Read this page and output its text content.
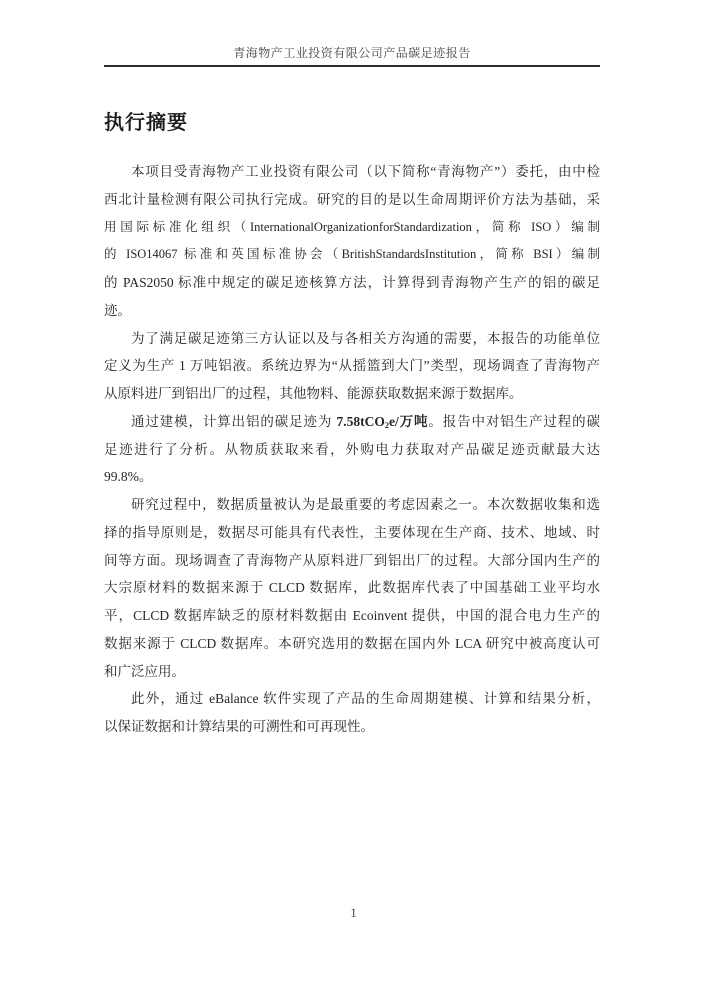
青海物产工业投资有限公司产品碳足迹报告
执行摘要
本项目受青海物产工业投资有限公司（以下简称“青海物产”）委托，由中检
西北计量检测有限公司执行完成。研究的目的是以生命周期评价方法为基础，采
用国际标准化组织（InternationalOrganizationforStandardization，简称 ISO）编制
的 ISO14067 标准和英国标准协会（BritishStandardsInstitution，简称 BSI）编制
的 PAS2050 标准中规定的碳足迹核算方法，计算得到青海物产生产的铝的碳足
迹。
为了满足碳足迹第三方认证以及与各相关方沟通的需要，本报告的功能单位
定义为生产 1 万吨铝液。系统边界为“从摇篮到大门”类型，现场调查了青海物产
从原料进厂到铝出厂的过程，其他物料、能源获取数据来源于数据库。
通过建模，计算出铝的碳足迹为 7.58tCO$_2$e/万吨。报告中对铝生产过程的碳
足迹进行了分析。从物质获取来看，外购电力获取对产品碳足迹贡献最大达
99.8%。
研究过程中，数据质量被认为是最重要的考虑因素之一。本次数据收集和选
择的指导原则是，数据尽可能具有代表性，主要体现在生产商、技术、地域、时
间等方面。现场调查了青海物产从原料进厂到铝出厂的过程。大部分国内生产的
大宗原材料的数据来源于 CLCD 数据库，此数据库代表了中国基础工业平均水
平，CLCD 数据库缺乏的原材料数据由 Ecoinvent 提供，中国的混合电力生产的
数据来源于 CLCD 数据库。本研究选用的数据在国内外 LCA 研究中被高度认可
和广泛应用。
此外，通过 eBalance 软件实现了产品的生命周期建模、计算和结果分析，
以保证数据和计算结果的可溯性和可再现性。
1
